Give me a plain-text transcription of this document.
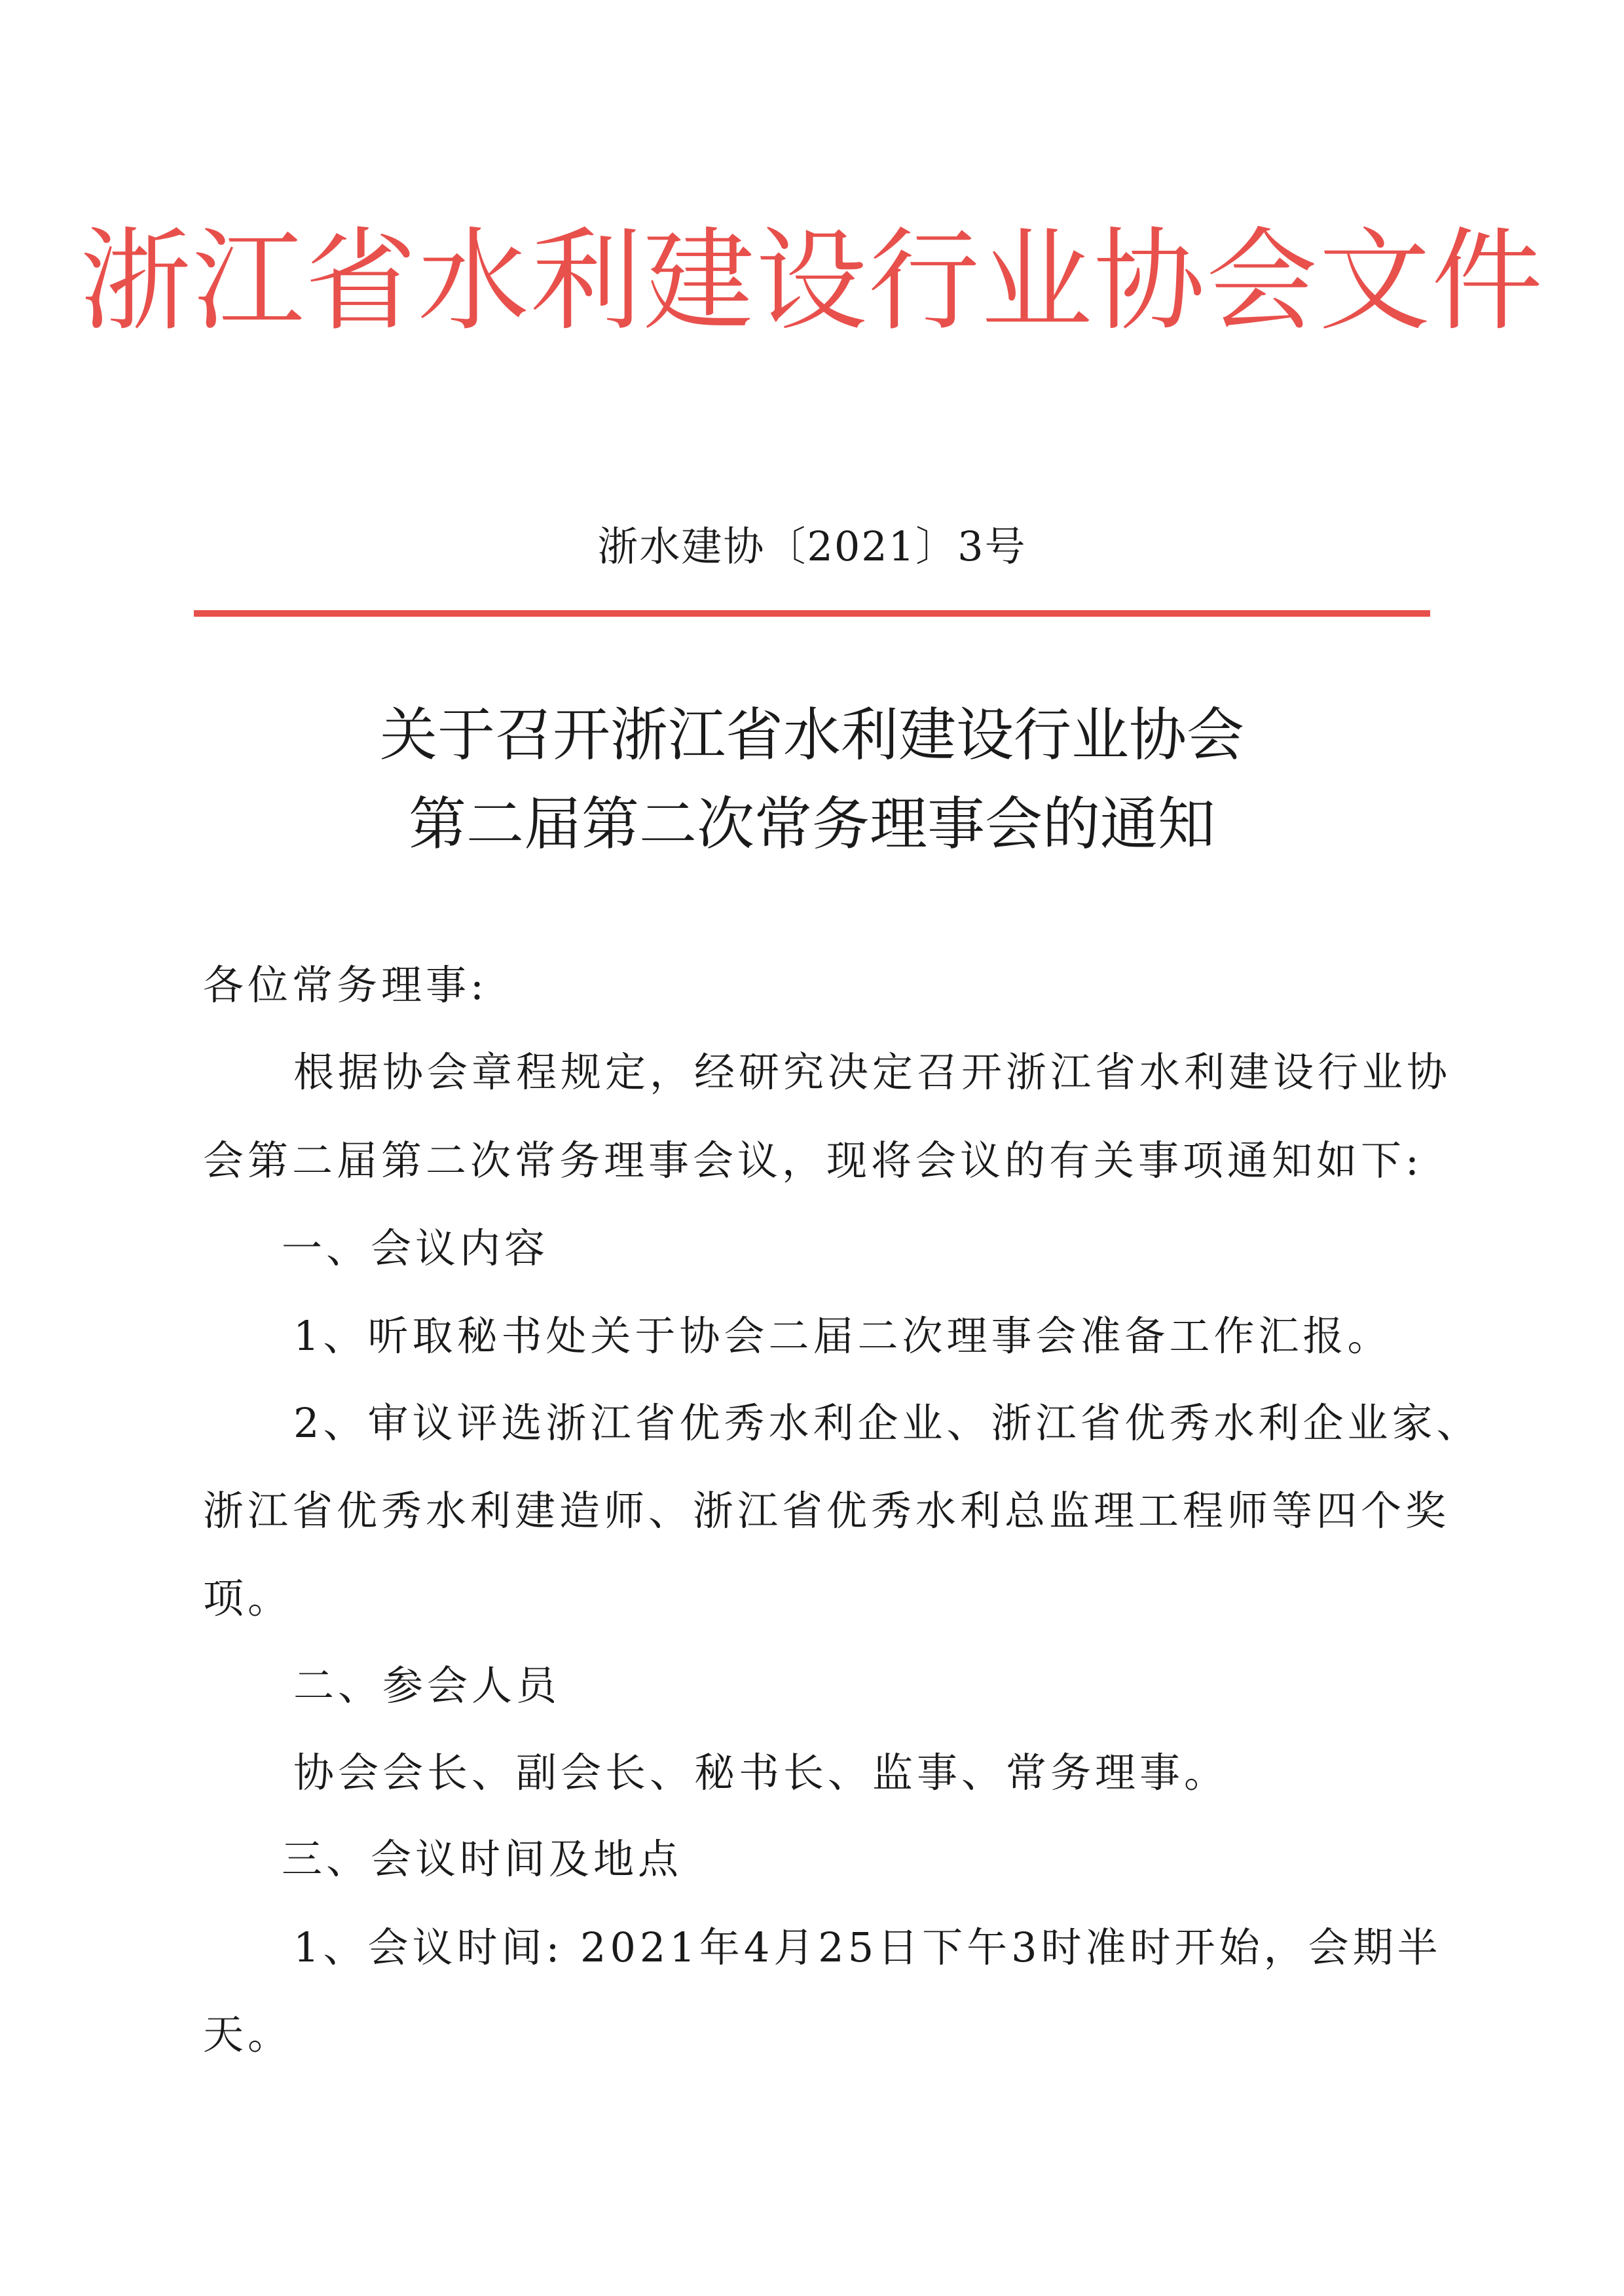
浙江省水利建设行业协会文件
浙水建协〔2021〕3号
关于召开浙江省水利建设行业协会
第二届第二次常务理事会的通知
各位常务理事:
根据协会章程规定，经研究决定召开浙江省水利建设行业协
会第二届第二次常务理事会议，现将会议的有关事项通知如下:
一、会议内容
1、听取秘书处关于协会二届二次理事会准备工作汇报。
2、审议评选浙江省优秀水利企业、浙江省优秀水利企业家、
浙江省优秀水利建造师、浙江省优秀水利总监理工程师等四个奖
项。
二、参会人员
协会会长、副会长、秘书长、监事、常务理事。
三、会议时间及地点
1、会议时间: 2021年4月25日下午3时准时开始，会期半
天。
